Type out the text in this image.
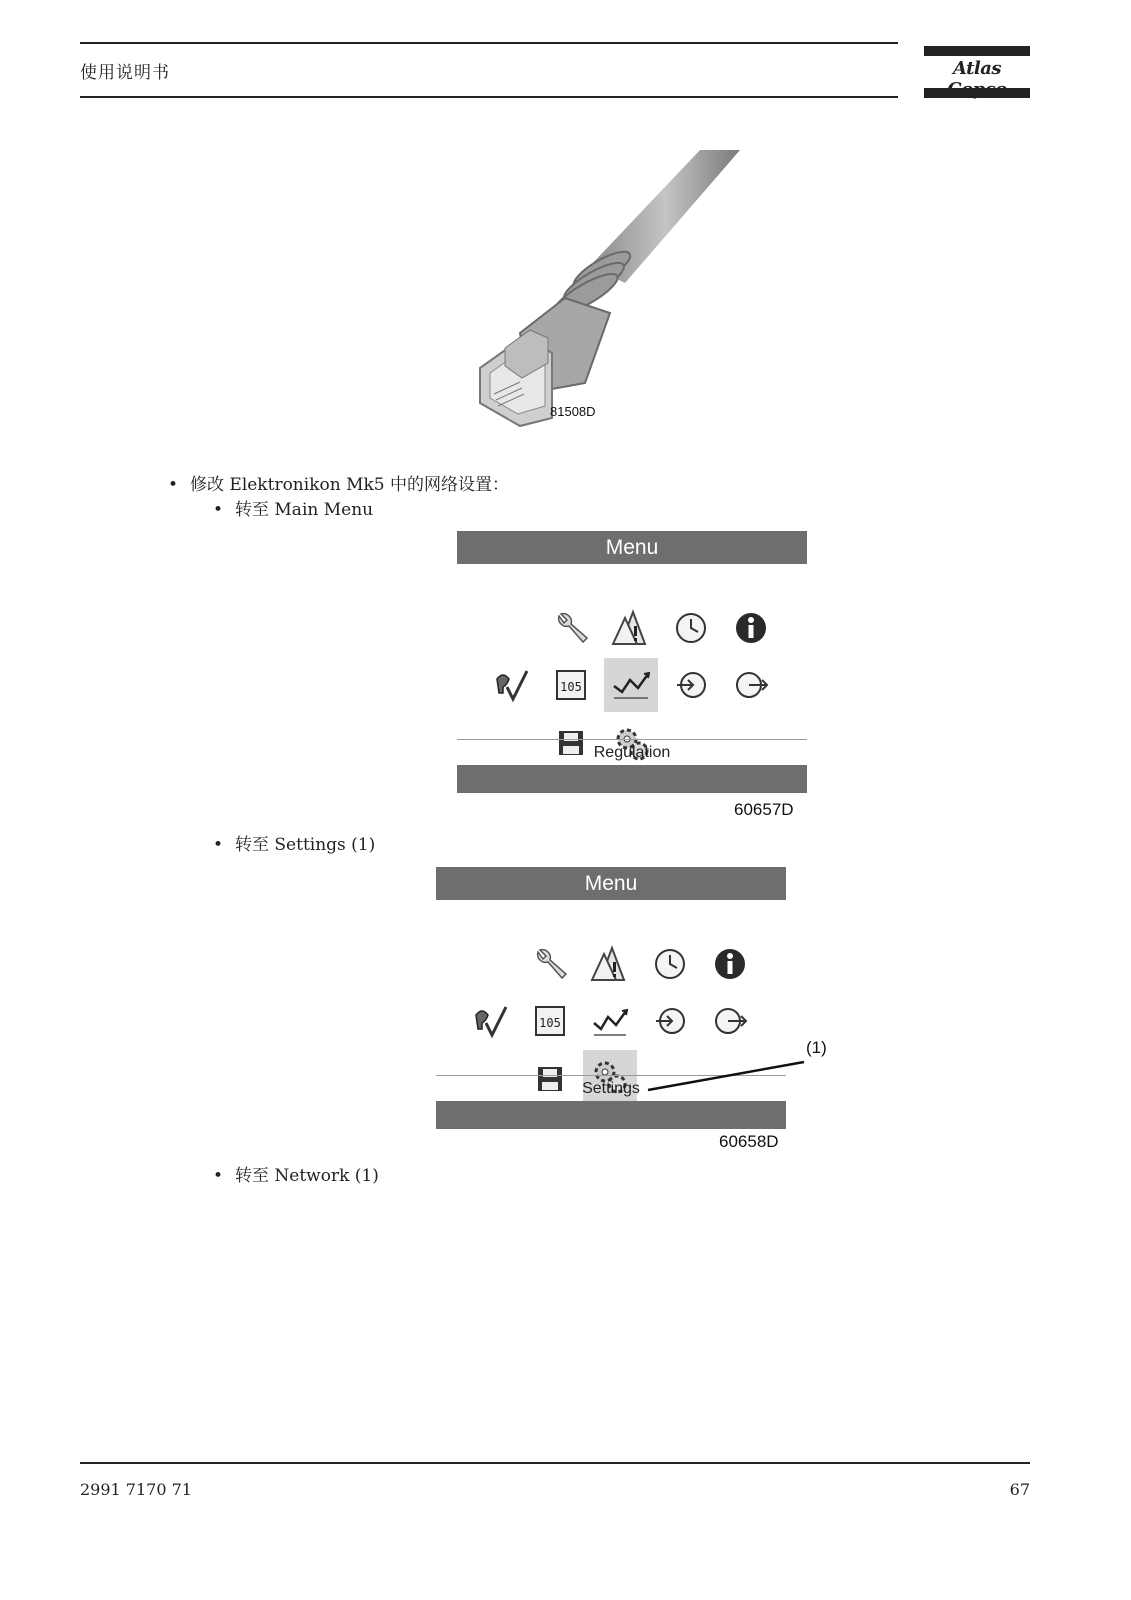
使用说明书	Atlas
81508D
• 修改 Elektronikon Mk5 中的网络设置：
• 转至 Main Menu
Menu
105
Regulation
60657D
• 转至 Settings (1)
Menu
105
Settings
(1)
60658D
• 转至 Network (1)
2991 7170 71	67
